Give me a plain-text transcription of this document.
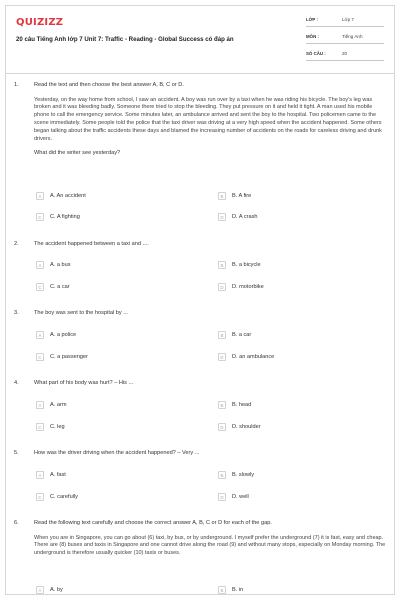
QUIZIZZ
20 câu Tiếng Anh lớp 7 Unit 7: Traffic - Reading - Global Success có đáp án
LỚP :	Lớp 7
MÔN :	Tiếng Anh
SỐ CÂU :	20
1.	Read the text and then choose the best answer A, B, C or D.
Yesterday, on the way home from school, I saw an accident. A boy was run over by a taxi when he was riding his bicycle. The boy's leg was broken and it was bleeding badly. Someone there tried to stop the bleeding. They put pressure on it and held it tight. A man used his mobile phone to call the emergency service. Some minutes later, an ambulance arrived and sent the boy to the hospital. Two policemen came to the scene immediately. Some people told the police that the taxi driver was driving at a very high speed when the accident happened. Some others began talking about the traffic accidents these days and blamed the increasing number of accidents on the roads for careless driving and drunk drivers.
What did the writer see yesterday?
A	A. An accident	B	B. A fire
C	C. A fighting	D	D. A crash
2.	The accident happened between a taxi and ....
A	A. a bus	B	B. a bicycle
C	C. a car	D	D. motorbike
3.	The boy was sent to the hospital by ...
A	A. a police	B	B. a car
C	C. a passenger	D	D. an ambulance
4.	What part of his body was hurt? – His ...
A	A. arm	B	B. head
C	C. leg	D	D. shoulder
5.	How was the driver driving when the accident happened? – Very ...
A	A. fast	B	B. slowly
C	C. carefully	D	D. well
6.	Read the following text carefully and choose the correct answer A, B, C or D for each of the gap.
When you are in Singapore, you can go about (6) taxi, by bus, or by underground. I myself prefer the underground (7) it is fast, easy and cheap. There are (8) buses and taxis in Singapore and one cannot drive along the road (9) and without many stops, especially on Monday morning. The underground is therefore usually quicker (10) taxis or buses.
A	A. by	B	B. in
